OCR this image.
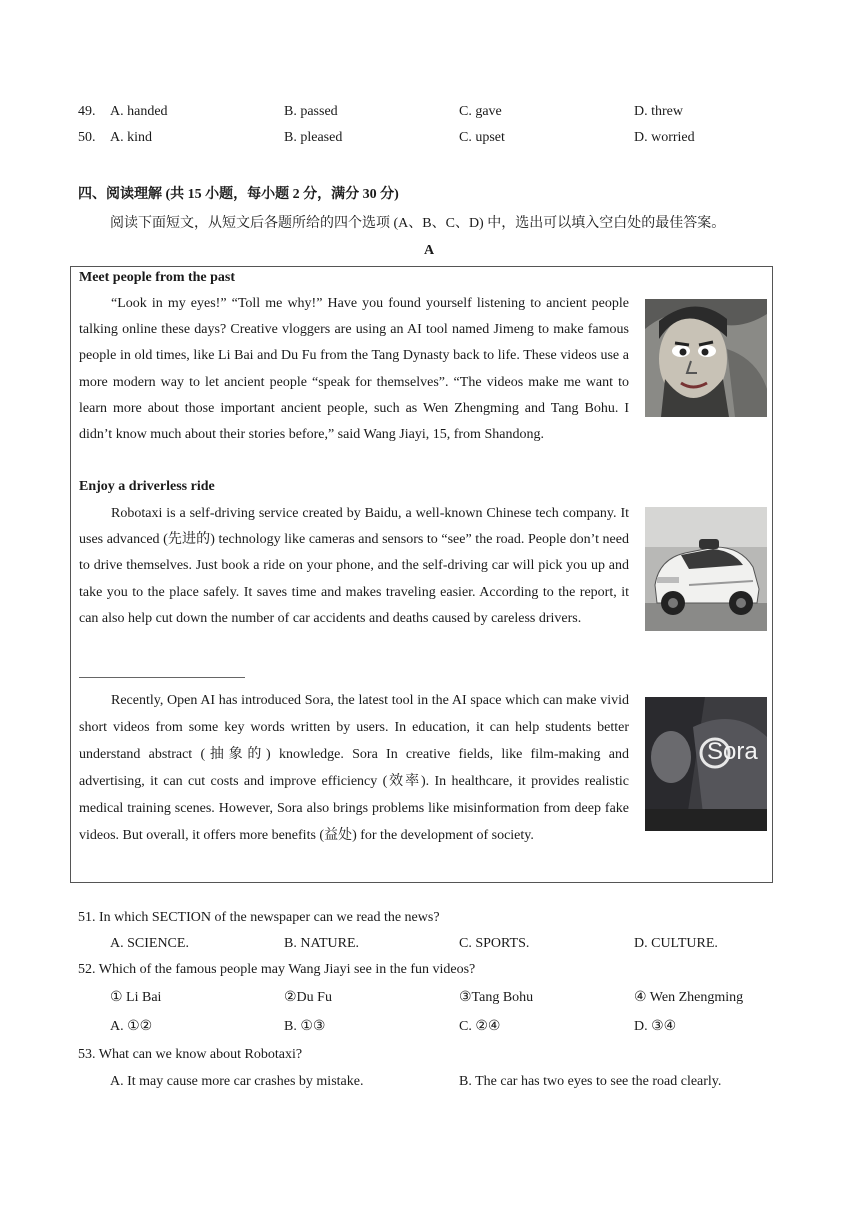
49. A. handed	B. passed	C. gave	D. threw
50. A. kind	B. pleased	C. upset	D. worried
四、阅读理解 (共 15 小题，每小题 2 分，满分 30 分)
阅读下面短文，从短文后各题所给的四个选项 (A、B、C、D) 中，选出可以填入空白处的最佳答案。
A
Meet people from the past
“Look in my eyes!” “Toll me why!” Have you found yourself listening to ancient people talking online these days? Creative vloggers are using an AI tool named Jimeng to make famous people in old times, like Li Bai and Du Fu from the Tang Dynasty back to life. These videos use a more modern way to let ancient people “speak for themselves”. “The videos make me want to learn more about those important ancient people, such as Wen Zhengming and Tang Bohu. I didn’t know much about their stories before,” said Wang Jiayi, 15, from Shandong.
Enjoy a driverless ride
Robotaxi is a self-driving service created by Baidu, a well-known Chinese tech company. It uses advanced (先进的) technology like cameras and sensors to “see” the road. People don’t need to drive themselves. Just book a ride on your phone, and the self-driving car will pick you up and take you to the place safely. It saves time and makes traveling easier. According to the report, it can also help cut down the number of car accidents and deaths caused by careless drivers.
Recently, Open AI has introduced Sora, the latest tool in the AI space which can make vivid short videos from some key words written by users. In education, it can help students better understand abstract (抽象的) knowledge. Sora In creative fields, like film-making and advertising, it can cut costs and improve efficiency (效率). In healthcare, it provides realistic medical training scenes. However, Sora also brings problems like misinformation from deep fake videos. But overall, it offers more benefits (益处) for the development of society.
Sora
51. In which SECTION of the newspaper can we read the news?
A. SCIENCE.	B. NATURE.	C. SPORTS.	D. CULTURE.
52. Which of the famous people may Wang Jiayi see in the fun videos?
① Li Bai	②Du Fu	③Tang Bohu	④ Wen Zhengming
A. ①②	B. ①③	C. ②④	D. ③④
53. What can we know about Robotaxi?
A. It may cause more car crashes by mistake.	B. The car has two eyes to see the road clearly.
